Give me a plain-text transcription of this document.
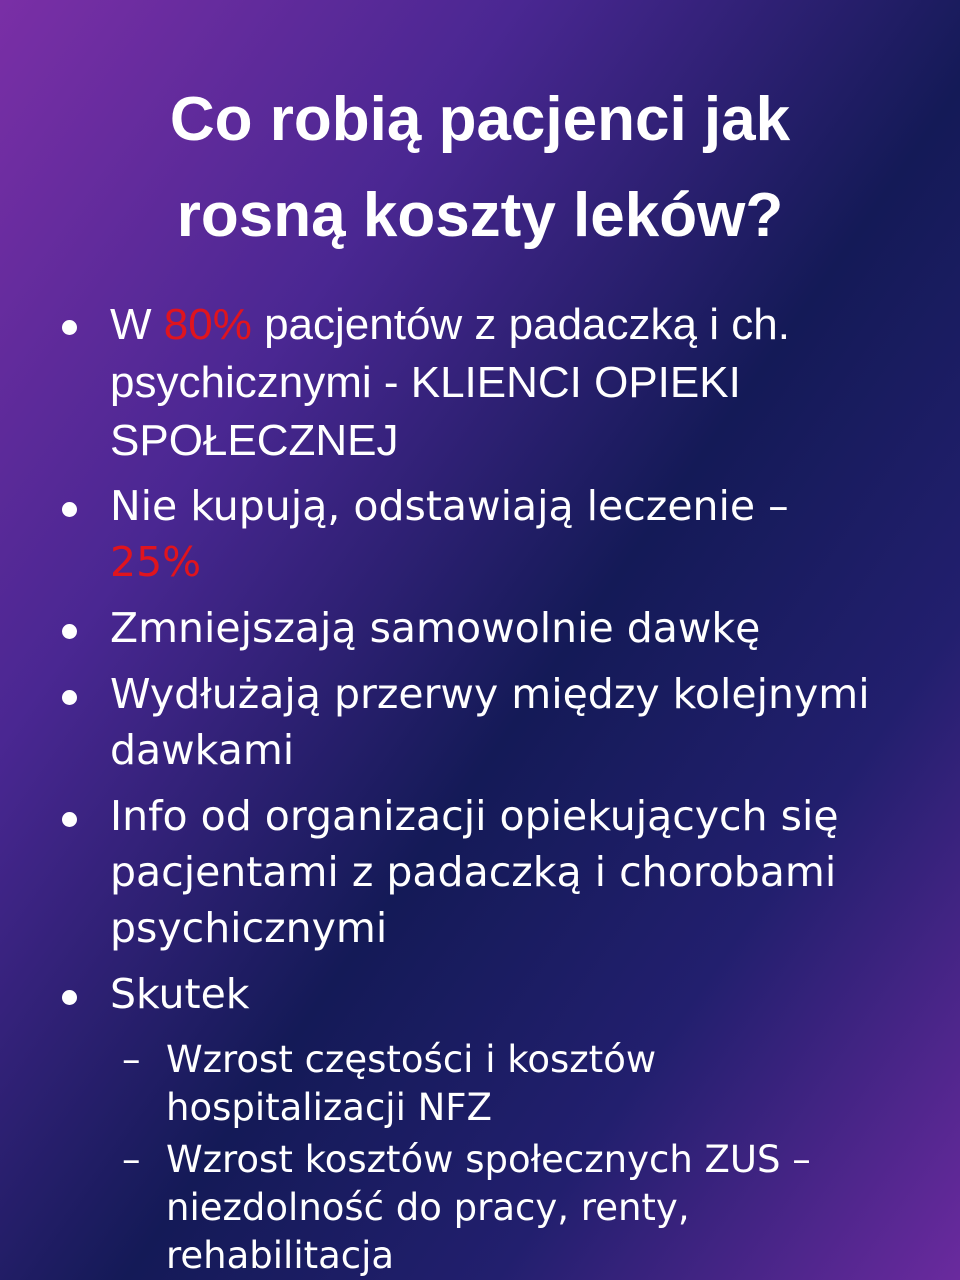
Co robią pacjenci jak
rosną koszty leków?
W 80% pacjentów z padaczką i ch. psychicznymi - KLIENCI OPIEKI SPOŁECZNEJ
Nie kupują, odstawiają leczenie – 25%
Zmniejszają samowolnie dawkę
Wydłużają przerwy między kolejnymi dawkami
Info od organizacji opiekujących się pacjentami z padaczką i chorobami psychicznymi
Skutek
– Wzrost częstości i kosztów hospitalizacji NFZ
– Wzrost kosztów społecznych ZUS – niezdolność do pracy, renty, rehabilitacja
